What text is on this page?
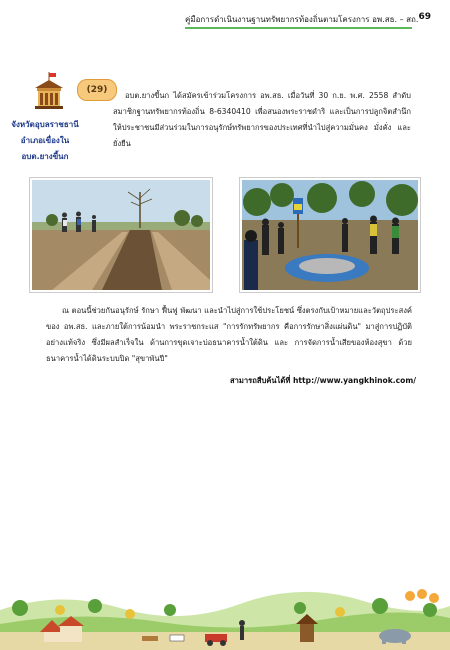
คู่มือการดำเนินงานฐานทรัพยากรท้องถิ่นตามโครงการ อพ.สธ. – สถ. 69
(29)
จังหวัดอุบลราชธานี
อำเภอเขื่องใน
อบต.ยางขี้นก
อบต.ยางขี้นก ได้สมัครเข้าร่วมโครงการ อพ.สธ. เมื่อวันที่ 30 ก.ย. พ.ศ. 2558 สำดับสมาชิกฐานทรัพยากรท้องถิ่น 8-6340410 เพื่อสนองพระราชดำริ และเป็นการปลูกจิตสำนึกให้ประชาชนมีส่วนร่วมในการอนุรักษ์ทรัพยากรของประเทศที่นำไปสู่ความมั่นคง มั่งคั่ง และยั่งยืน
ณ ตอนนี้ช่วยกันอนุรักษ์ รักษา ฟื้นฟู พัฒนา และนำไปสู่การใช้ประโยชน์ ซึ่งตรงกับเป้าหมายและวัตถุประสงค์ของ อพ.สธ. และภายใต้การน้อมนำ พระราชกระแส "การรักทรัพยากร คือการรักษาสิ่งแผ่นดิน" มาสู่การปฏิบัติอย่างแท้จริง ซึ่งมีผลสำเร็จใน ด้านการขุดเจาะบ่อธนาคารน้ำใต้ดิน และ การจัดการน้ำเสียของห้องสุขา ด้วยธนาคารน้ำได้ดินระบบปิด "สุขาพันปี"
สามารถสืบค้นได้ที่ http://www.yangkhinok.com/
